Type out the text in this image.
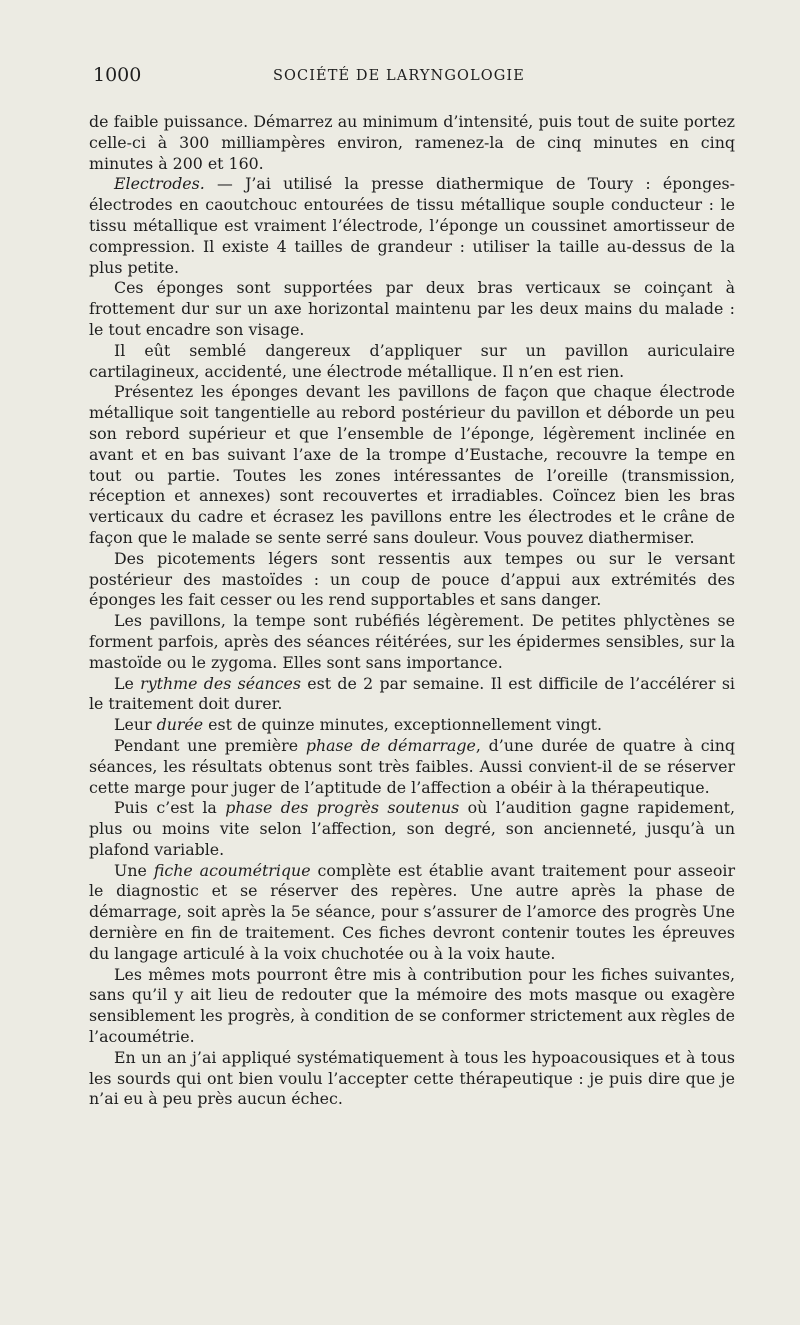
1000	SOCIÉTÉ DE LARYNGOLOGIE

de faible puissance. Démarrez au minimum d’intensité, puis tout de suite portez celle-ci à 300 milliampères environ, ramenez-la de cinq minutes en cinq minutes à 200 et 160.

Electrodes. — J’ai utilisé la presse diathermique de Toury : éponges-électrodes en caoutchouc entourées de tissu métallique souple conducteur : le tissu métallique est vraiment l’électrode, l’éponge un coussinet amortisseur de compression. Il existe 4 tailles de grandeur : utiliser la taille au-dessus de la plus petite.

Ces éponges sont supportées par deux bras verticaux se coinçant à frottement dur sur un axe horizontal maintenu par les deux mains du malade : le tout encadre son visage.

Il eût semblé dangereux d’appliquer sur un pavillon auriculaire cartilagineux, accidenté, une électrode métallique. Il n’en est rien.

Présentez les éponges devant les pavillons de façon que chaque électrode métallique soit tangentielle au rebord postérieur du pavillon et déborde un peu son rebord supérieur et que l’ensemble de l’éponge, légèrement inclinée en avant et en bas suivant l’axe de la trompe d’Eustache, recouvre la tempe en tout ou partie. Toutes les zones intéressantes de l’oreille (transmission, réception et annexes) sont recouvertes et irradiables. Coïncez bien les bras verticaux du cadre et écrasez les pavillons entre les électrodes et le crâne de façon que le malade se sente serré sans douleur. Vous pouvez diathermiser.

Des picotements légers sont ressentis aux tempes ou sur le versant postérieur des mastoïdes : un coup de pouce d’appui aux extrémités des éponges les fait cesser ou les rend supportables et sans danger.

Les pavillons, la tempe sont rubéfiés légèrement. De petites phlyctènes se forment parfois, après des séances réitérées, sur les épidermes sensibles, sur la mastoïde ou le zygoma. Elles sont sans importance.

Le rythme des séances est de 2 par semaine. Il est difficile de l’accélérer si le traitement doit durer.

Leur durée est de quinze minutes, exceptionnellement vingt.

Pendant une première phase de démarrage, d’une durée de quatre à cinq séances, les résultats obtenus sont très faibles. Aussi convient-il de se réserver cette marge pour juger de l’aptitude de l’affection a obéir à la thérapeutique.

Puis c’est la phase des progrès soutenus où l’audition gagne rapidement, plus ou moins vite selon l’affection, son degré, son ancienneté, jusqu’à un plafond variable.

Une fiche acoumétrique complète est établie avant traitement pour asseoir le diagnostic et se réserver des repères. Une autre après la phase de démarrage, soit après la 5e séance, pour s’assurer de l’amorce des progrès Une dernière en fin de traitement. Ces fiches devront contenir toutes les épreuves du langage articulé à la voix chuchotée ou à la voix haute.

Les mêmes mots pourront être mis à contribution pour les fiches suivantes, sans qu’il y ait lieu de redouter que la mémoire des mots masque ou exagère sensiblement les progrès, à condition de se conformer strictement aux règles de l’acoumétrie.

En un an j’ai appliqué systématiquement à tous les hypoacousiques et à tous les sourds qui ont bien voulu l’accepter cette thérapeutique : je puis dire que je n’ai eu à peu près aucun échec.
